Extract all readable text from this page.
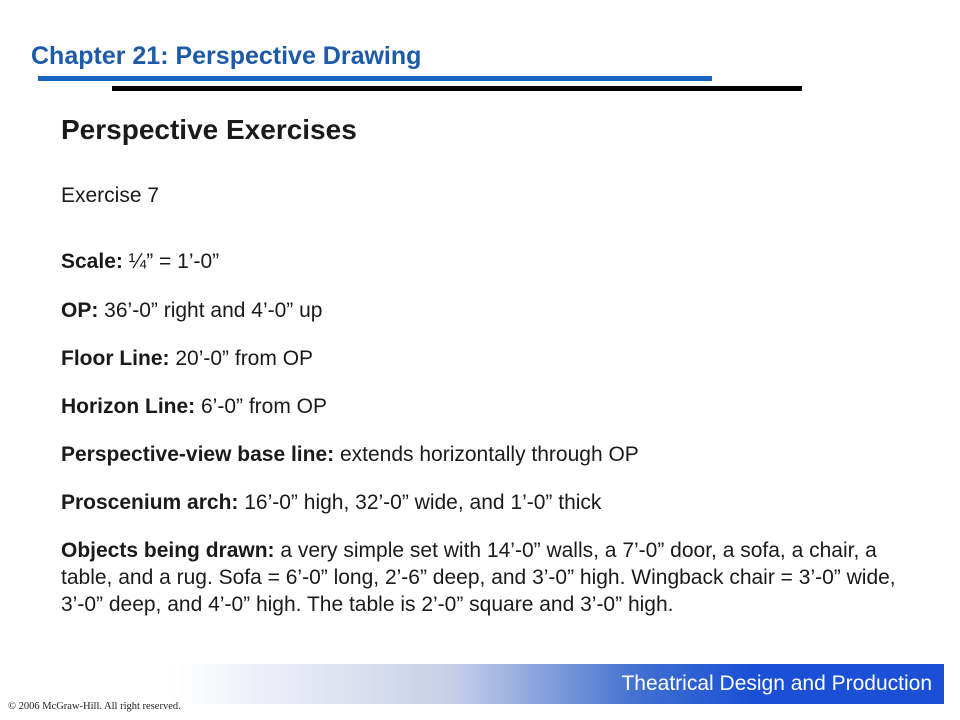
Chapter 21: Perspective Drawing
Perspective Exercises
Exercise 7
Scale: ¼” = 1’-0”
OP: 36’-0” right and 4’-0” up
Floor Line: 20’-0” from OP
Horizon Line: 6’-0” from OP
Perspective-view base line: extends horizontally through OP
Proscenium arch: 16’-0” high, 32’-0” wide, and 1’-0” thick
Objects being drawn: a very simple set with 14’-0” walls, a 7’-0” door, a sofa, a chair, a table, and a rug. Sofa = 6’-0” long, 2’-6” deep, and 3’-0” high. Wingback chair = 3’-0” wide, 3’-0” deep, and 4’-0” high. The table is 2’-0” square and 3’-0” high.
Theatrical Design and Production
© 2006 McGraw-Hill. All right reserved.
